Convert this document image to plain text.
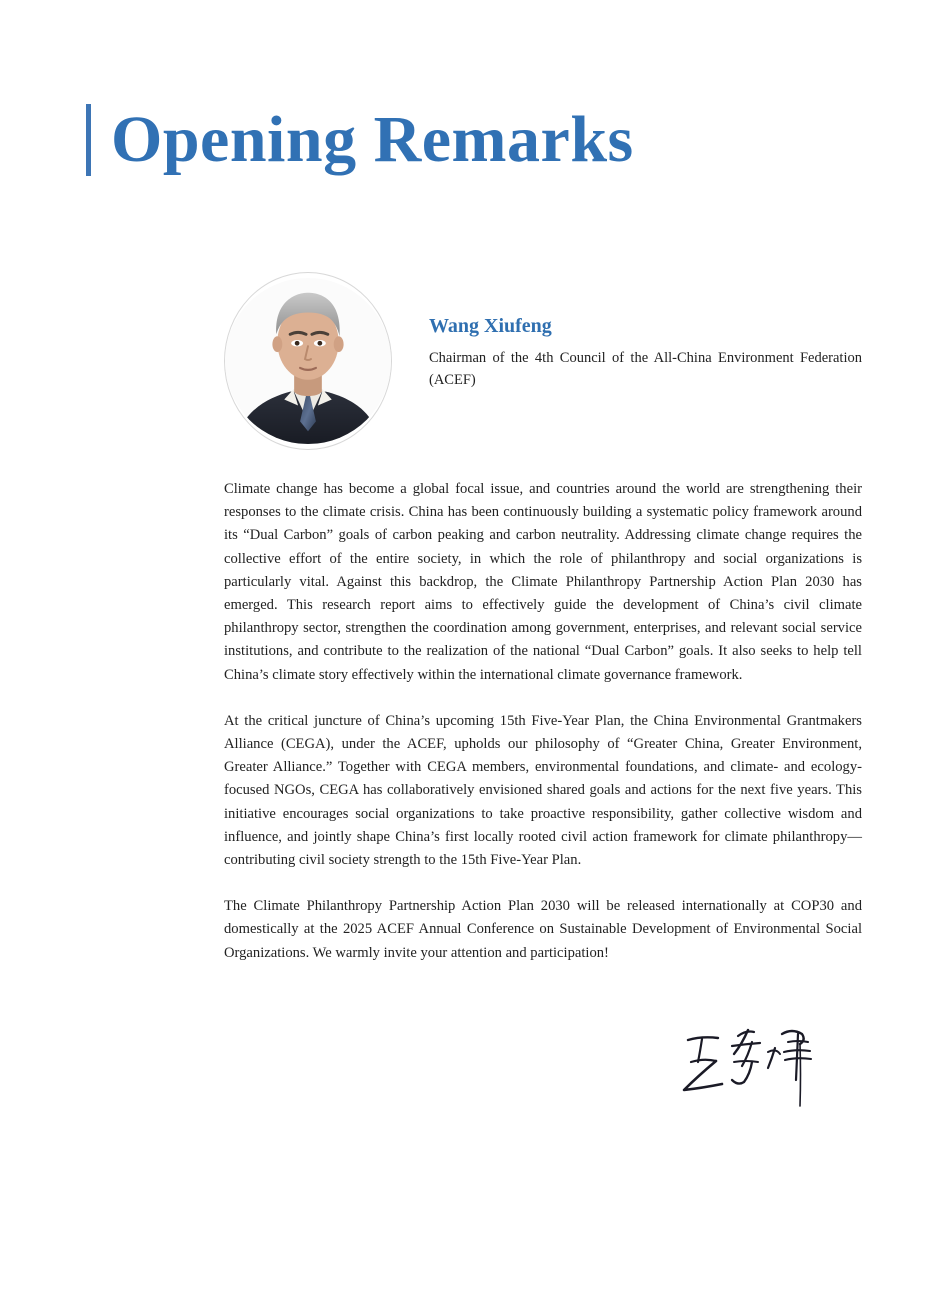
Opening Remarks
Wang Xiufeng
Chairman of the 4th Council of the All-China Environment Federation (ACEF)

Climate change has become a global focal issue, and countries around the world are strengthening their responses to the climate crisis. China has been continuously building a systematic policy framework around its “Dual Carbon” goals of carbon peaking and carbon neutrality. Addressing climate change requires the collective effort of the entire society, in which the role of philanthropy and social organizations is particularly vital. Against this backdrop, the Climate Philanthropy Partnership Action Plan 2030 has emerged. This research report aims to effectively guide the development of China’s civil climate philanthropy sector, strengthen the coordination among government, enterprises, and relevant social service institutions, and contribute to the realization of the national “Dual Carbon” goals. It also seeks to help tell China’s climate story effectively within the international climate governance framework.

At the critical juncture of China’s upcoming 15th Five-Year Plan, the China Environmental Grantmakers Alliance (CEGA), under the ACEF, upholds our philosophy of “Greater China, Greater Environment, Greater Alliance.” Together with CEGA members, environmental foundations, and climate- and ecology-focused NGOs, CEGA has collaboratively envisioned shared goals and actions for the next five years. This initiative encourages social organizations to take proactive responsibility, gather collective wisdom and influence, and jointly shape China’s first locally rooted civil action framework for climate philanthropy—contributing civil society strength to the 15th Five-Year Plan.

The Climate Philanthropy Partnership Action Plan 2030 will be released internationally at COP30 and domestically at the 2025 ACEF Annual Conference on Sustainable Development of Environmental Social Organizations. We warmly invite your attention and participation!
